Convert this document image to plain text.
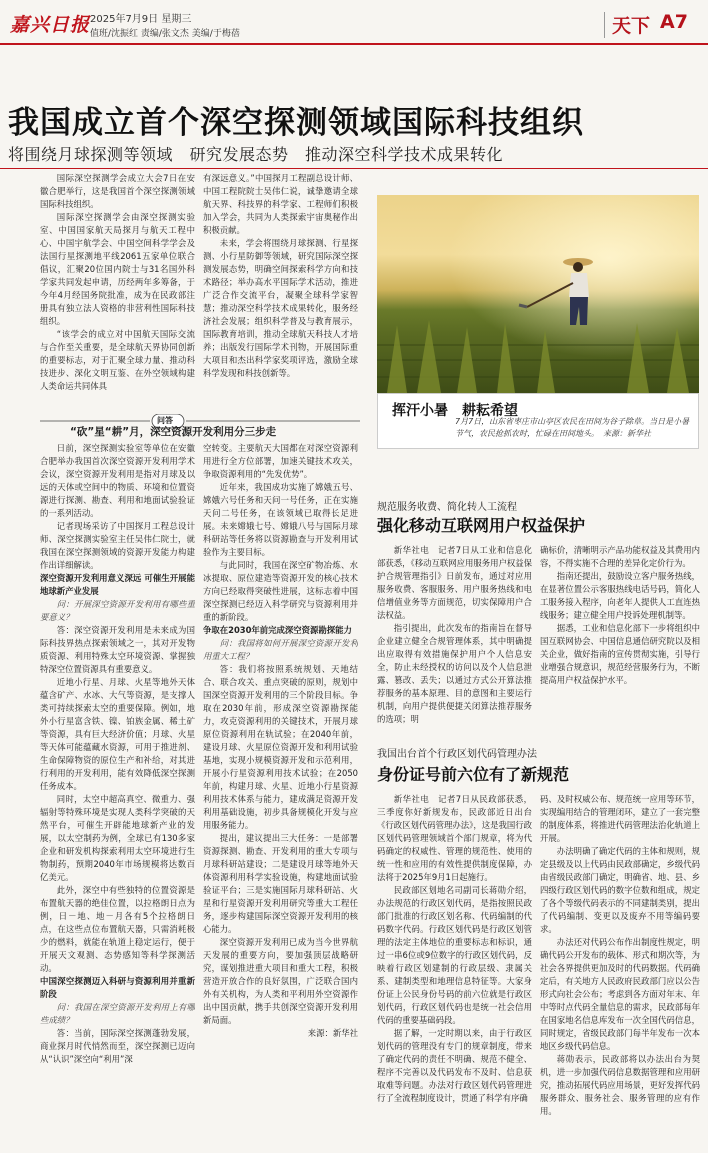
嘉兴日报 2025年7月9日 星期三
值班/沈振红 责编/张文杰 美编/于梅蓓	天下 A7
我国成立首个深空探测领域国际科技组织
将围绕月球探测等领域　研究发展态势　推动深空科学技术成果转化

国际深空探测学会成立大会7日在安徽合肥举行，这是我国首个深空探测领域国际科技组织。

国际深空探测学会由深空探测实验室、中国国家航天局探月与航天工程中心、中国宇航学会、中国空间科学学会及法国行星探测地平线2061五家单位联合倡议，汇聚20位国内院士与31名国外科学家共同发起申请，历经两年多筹备，于今年4月经国务院批准，成为在民政部注册具有独立法人资格的非营利性国际科技组织。

“该学会的成立对中国航天国际交流与合作至关重要，是全球航天界协同创新的重要标志，对于汇聚全球力量、推动科技进步、深化文明互鉴、在外空领域构建人类命运共同体具

有深远意义。”中国探月工程副总设计师、中国工程院院士吴伟仁说，诚挚邀请全球航天界、科技界的科学家、工程师们积极加入学会，共同为人类探索宇宙奥秘作出积极贡献。

未来，学会将围绕月球探测、行星探测、小行星防御等领域，研究国际深空探测发展态势，明确空间探索科学方向和技术路径；举办高水平国际学术活动，推进广泛合作交流平台，凝聚全球科学家智慧；推动深空科学技术成果转化，服务经济社会发展；组织科学普及与教育展示，国际教育培训，推动全球航天科技人才培养；出版发行国际学术刊物，开展国际重大项目和杰出科学家奖项评选，激励全球科学发现和科技创新等。

挥汗小暑　耕耘希望
7月7日，山东省枣庄市山亭区农民在田间为谷子除草。当日是小暑节气，农民抢抓农时，忙碌在田间地头。　来源：新华社
问答
“砍”星“耕”月，深空资源开发利用分三步走

日前，深空探测实验室等单位在安徽合肥举办我国首次深空资源开发利用学术会议，深空资源开发利用是指对月球及以远的天体或空间中的物质、环境和位置资源进行探测、勘查、利用和地面试验验证的一系列活动。

记者现场采访了中国探月工程总设计师、深空探测实验室主任吴伟仁院士，就我国在深空探测领域的资源开发能力构建作出详细解读。

深空资源开发利用意义深远 可催生开展能地球新产业发展

问：开展深空资源开发利用有哪些重要意义？

答：深空资源开发利用是未来成为国际科技界热点探索领域之一，其对开发物质资源、利用特殊太空环境资源、掌握独特深空位置资源具有重要意义。

近地小行星、月球、火星等地外天体蕴含矿产、水冰、大气等资源，是支撑人类可持续探索太空的重要保障。例如，地外小行星富含铁、镍、铂族金属、稀土矿等资源，具有巨大经济价值；月球、火星等天体可能蕴藏水资源，可用于推进剂、生命保障物资的原位生产和补给，对其进行利用的开发利用，能有效降低深空探测任务成本。

同时，太空中超高真空、微重力、强辐射等特殊环境是实现人类科学突破的天然平台，可催生开辟能地球新产业的发展，以太空制药为例，全球已有130多家企业和研发机构探索利用太空环境进行生物制药，预期2040年市场规模将达数百亿美元。

此外，深空中有些独特的位置资源是布置航天器的绝佳位置，以拉格朗日点为例，日－地、地－月各有5个拉格朗日点，在这些点位布置航天器，只需消耗极少的燃料，就能在轨道上稳定运行，便于开展天文观测、态势感知等科学探测活动。

中国深空探测迈入科研与资源利用并重新阶段

问：我国在深空资源开发利用上有哪些成绩？

答：当前，国际深空探测蓬勃发展，商业探月时代悄然而至，深空探测已迈向从“认识”深空向“利用”深

空转变。主要航天大国都在对深空资源利用进行全方位部署，加速关键技术攻关，争取资源利用的“先发优势”。

近年来，我国成功实施了嫦娥五号、嫦娥六号任务和天问一号任务，正在实施天问二号任务，在该领域已取得长足进展。未来嫦娥七号、嫦娥八号与国际月球科研站等任务将以资源勘查与开发利用试验作为主要目标。

与此同时，我国在深空矿物冶炼、水冰提取、原位建造等资源开发的核心技术方向已经取得突破性进展，这标志着中国深空探测已经迈入科学研究与资源利用并重的新阶段。

争取在2030年前完成深空资源勘探能力

问：我国将如何开展深空资源开发利用重大工程？

答：我们将按照系统规划、天地结合、联合攻关、重点突破的原则，规划中国深空资源开发利用的三个阶段目标。争取在2030年前，形成深空资源勘探能力，攻克资源利用的关键技术，开展月球原位资源利用在轨试验；在2040年前，建设月球、火星原位资源开发和利用试验基地，实现小规模资源开发和示范利用，开展小行星资源利用技术试验；在2050年前，构建月球、火星、近地小行星资源利用技术体系与能力，建成满足资源开发利用基础设施，初步具备规模化开发与应用服务能力。

提出，建议提出三大任务：一是部署资源探测、勘查、开发利用的重大专项与月球科研站建设；二是建设月球等地外天体资源利用科学实验设施，构建地面试验验证平台；三是实施国际月球科研站、火星和行星资源开发利用研究等重大工程任务，逐步构建国际深空资源开发利用的核心能力。

深空资源开发利用已成为当今世界航天发展的重要方向，要加强顶层战略研究，谋划推进重大项目和重大工程，积极营造开放合作的良好氛围，广泛联合国内外有关机构，为人类和平利用外空资源作出中国贡献，携手共创深空资源开发利用新局面。

来源：新华社

规范服务收费、简化转人工流程
强化移动互联网用户权益保护

新华社电　记者7日从工业和信息化部获悉，《移动互联网应用服务用户权益保护合规管理指引》日前发布，通过对应用服务收费、客服服务、用户服务热线和电信增值业务等方面规范，切实保障用户合法权益。

指引提出，此次发布的指南旨在督导企业建立健全合规管理体系，其中明确提出应取得有效措施保护用户个人信息安全，防止未经授权的访问以及个人信息泄露、篡改、丢失；以通过方式公开算法推荐服务的基本原理、目的意图和主要运行机制，向用户提供便捷关闭算法推荐服务的选项；明

确标价，清晰明示产品功能权益及其费用内容，不得实施不合理的差异化定价行为。

指南还提出，鼓励设立客户服务热线，在显著位置公示客服热线电话号码，简化人工服务接入程序，向老年人提供人工直连热线服务；建立健全用户投诉处理机制等。

据悉，工业和信息化部下一步将组织中国互联网协会、中国信息通信研究院以及相关企业，做好指南的宣传贯彻实施，引导行业增强合规意识，规范经营服务行为，不断提高用户权益保护水平。

我国出台首个行政区划代码管理办法
身份证号前六位有了新规范

新华社电　记者7日从民政部获悉，三季度你好新规发布，民政部近日出台《行政区划代码管理办法》，这是我国行政区划代码管理领域首个部门规章，将为代码确定的权威性、管理的规范性、使用的统一性和应用的有效性提供制度保障，办法将于2025年9月1日起施行。

民政部区划地名司副司长蒋勋介绍，办法规范的行政区划代码，是指按照民政部门批准的行政区划名称、代码编制的代码数字代码。行政区划代码是行政区划管理的法定主体地位的重要标志和标识，通过一串6位或9位数字的行政区划代码，反映着行政区划建制的行政层级、隶属关系、建制类型和地理信息特征等。大家身份证上公民身份号码的前六位就是行政区划代码，行政区划代码也是统一社会信用代码的重要基础码段。

据了解，一定时期以来，由于行政区划代码的管理没有专门的规章制度，带来了确定代码的责任不明确、规范不健全、程序不完善以及代码发布不及时、信息获取难等问题。办法对行政区划代码管理进行了全流程制度设计，贯通了科学有序确

码、及时权威公布、规范统一应用等环节，实现编用结合的管理闭环，建立了一套完整的制度体系，将推进代码管理法治化轨道上开展。

办法明确了确定代码的主体和规则，规定县级及以上代码由民政部确定，乡级代码由省级民政部门确定，明确省、地、县、乡四级行政区划代码的数字位数和组成，规定了各个等级代码表示的不同建制类别，提出了代码编制、变更以及废弃不用等编码要求。

办法还对代码公布作出制度性规定，明确代码公开发布的载体、形式和期次等，为社会各界提供更加及时的代码数据。代码确定后，有关地方人民政府民政部门应以公告形式向社会公布；考虑到各方面对年末、年中等时点代码全量信息的需求，民政部每年在国家地名信息库发布一次全国代码信息，同时规定，省级民政部门每半年发布一次本地区乡级代码信息。

蒋勋表示，民政部将以办法出台为契机，进一步加强代码信息数据管理和应用研究，推动拓展代码应用场景，更好发挥代码服务群众、服务社会、服务管理的应有作用。
